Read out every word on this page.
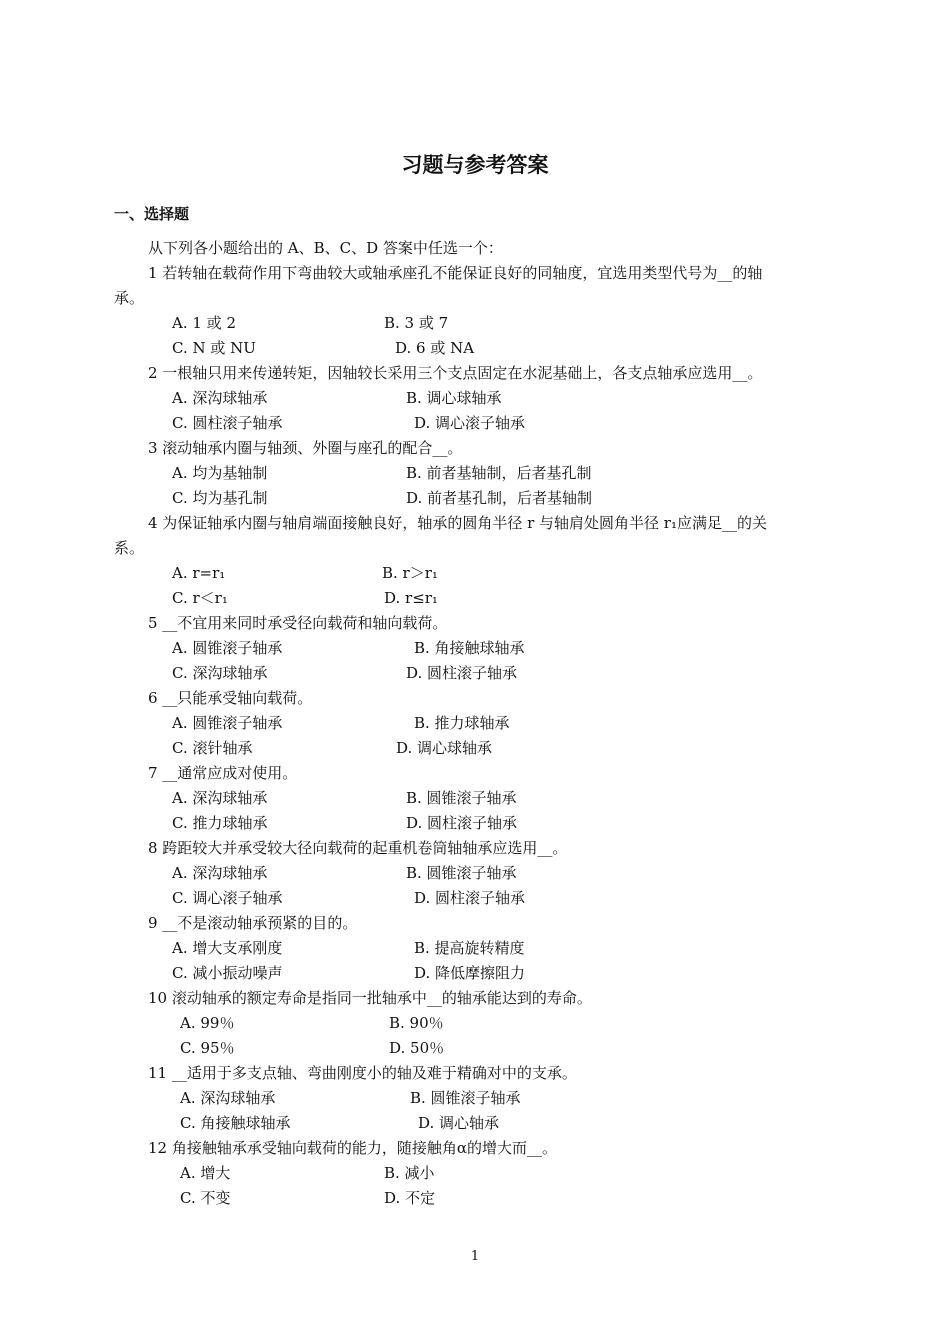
习题与参考答案
一、选择题
从下列各小题给出的 A、B、C、D 答案中任选一个：
1 若转轴在载荷作用下弯曲较大或轴承座孔不能保证良好的同轴度，宜选用类型代号为__的轴
承。
A. 1 或 2	B. 3 或 7
C. N 或 NU	D. 6 或 NA
2 一根轴只用来传递转矩，因轴较长采用三个支点固定在水泥基础上，各支点轴承应选用__。
A. 深沟球轴承	B. 调心球轴承
C. 圆柱滚子轴承	D. 调心滚子轴承
3 滚动轴承内圈与轴颈、外圈与座孔的配合__。
A. 均为基轴制	B. 前者基轴制，后者基孔制
C. 均为基孔制	D. 前者基孔制，后者基轴制
4 为保证轴承内圈与轴肩端面接触良好，轴承的圆角半径 r 与轴肩处圆角半径 r₁应满足__的关
系。
A. r=r₁	B. r＞r₁
C. r＜r₁	D. r≤r₁
5 __不宜用来同时承受径向载荷和轴向载荷。
A. 圆锥滚子轴承	B. 角接触球轴承
C. 深沟球轴承	D. 圆柱滚子轴承
6 __只能承受轴向载荷。
A. 圆锥滚子轴承	B. 推力球轴承
C. 滚针轴承	D. 调心球轴承
7 __通常应成对使用。
A. 深沟球轴承	B. 圆锥滚子轴承
C. 推力球轴承	D. 圆柱滚子轴承
8 跨距较大并承受较大径向载荷的起重机卷筒轴轴承应选用__。
A. 深沟球轴承	B. 圆锥滚子轴承
C. 调心滚子轴承	D. 圆柱滚子轴承
9 __不是滚动轴承预紧的目的。
A. 增大支承刚度	B. 提高旋转精度
C. 减小振动噪声	D. 降低摩擦阻力
10 滚动轴承的额定寿命是指同一批轴承中__的轴承能达到的寿命。
A. 99％	B. 90％
C. 95％	D. 50％
11 __适用于多支点轴、弯曲刚度小的轴及难于精确对中的支承。
A. 深沟球轴承	B. 圆锥滚子轴承
C. 角接触球轴承	D. 调心轴承
12 角接触轴承承受轴向载荷的能力，随接触角α的增大而__。
A. 增大	B. 减小
C. 不变	D. 不定
1
